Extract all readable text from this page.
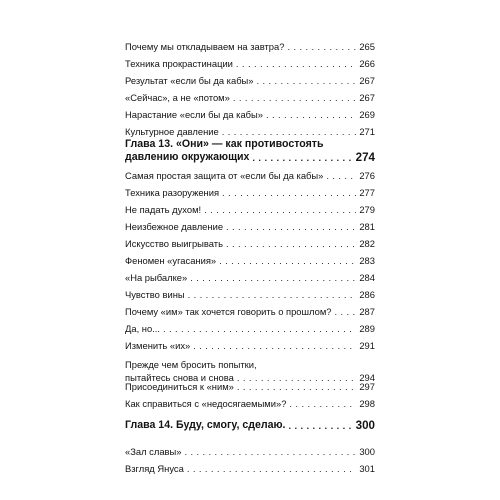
Почему мы откладываем на завтра? . . .	265
Техника прокрастинации . . .	266
Результат «если бы да кабы» . . .	267
«Сейчас», а не «потом» . . .	267
Нарастание «если бы да кабы» . . .	269
Культурное давление . . .	271
Глава 13. «Они» — как противостоять
давлению окружающих . . .	274
Самая простая защита от «если бы да кабы» . . .	276
Техника разоружения . . .	277
Не падать духом! . . .	279
Неизбежное давление . . .	281
Искусство выигрывать . . .	282
Феномен «угасания» . . .	283
«На рыбалке» . . .	284
Чувство вины . . .	286
Почему «им» так хочется говорить о прошлом? . . .	287
Да, но... . . .	289
Изменить «их» . . .	291
Прежде чем бросить попытки,
пытайтесь снова и снова . . .	294
Присоединиться к «ним» . . .	297
Как справиться с «недосягаемыми»? . . .	298
Глава 14. Буду, смогу, сделаю. . . .	300
«Зал славы» . . .	300
Взгляд Януса . . .	301
